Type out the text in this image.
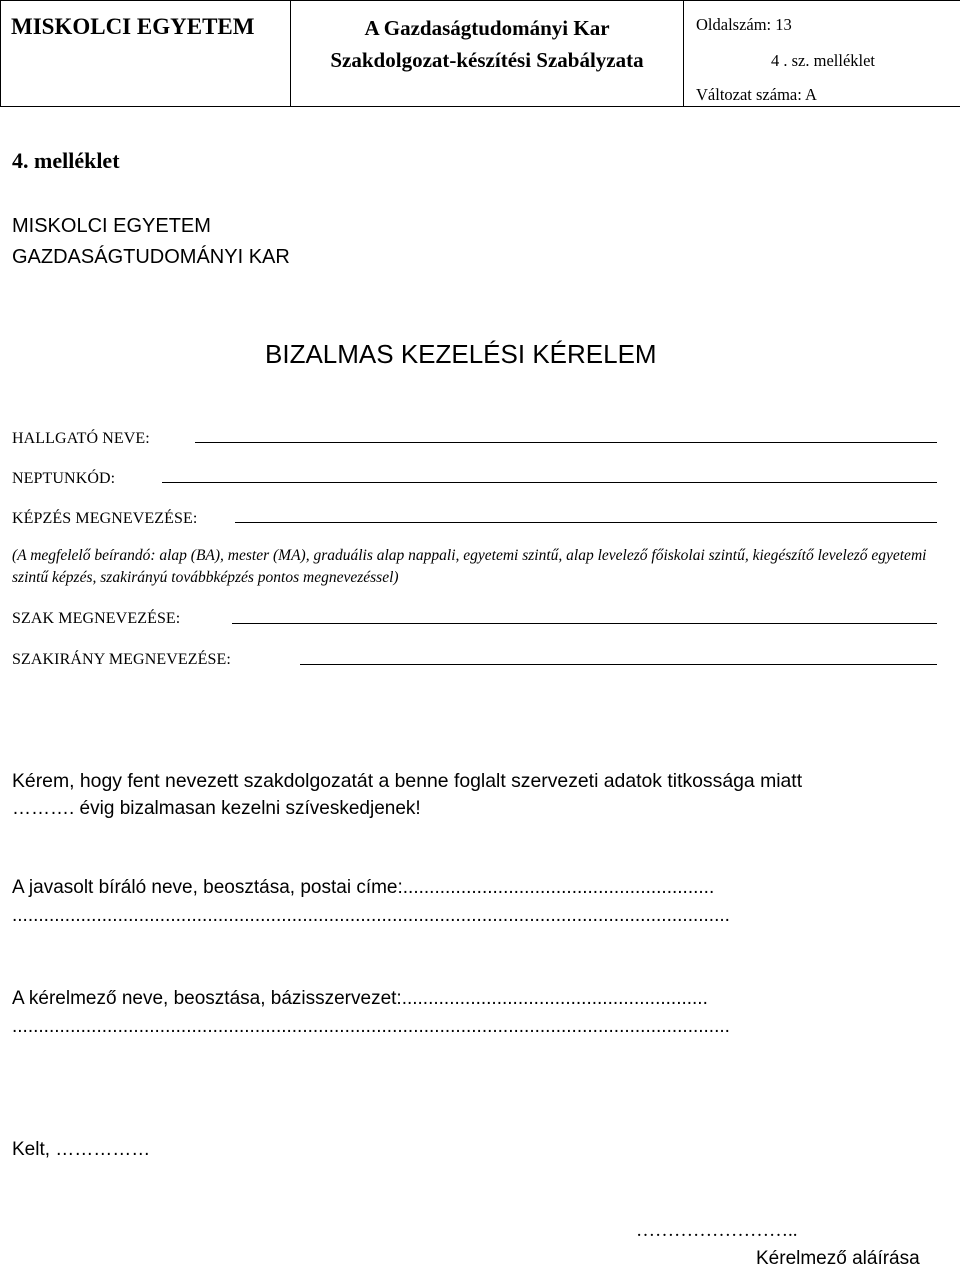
MISKOLCI EGYETEM	A Gazdaságtudományi Kar
Szakdolgozat-készítési Szabályzata

Oldalszám: 13
4 . sz. melléklet
Változat száma: A
4. melléklet
MISKOLCI EGYETEM
GAZDASÁGTUDOMÁNYI KAR
BIZALMAS KEZELÉSI KÉRELEM
HALLGATÓ NEVE:
NEPTUNKÓD:
KÉPZÉS MEGNEVEZÉSE:
(A megfelelő beírandó: alap (BA), mester (MA), graduális alap nappali, egyetemi szintű, alap levelező főiskolai szintű, kiegészítő levelező egyetemi szintű képzés, szakirányú továbbképzés pontos megnevezéssel)
SZAK MEGNEVEZÉSE:
SZAKIRÁNY MEGNEVEZÉSE:
Kérem, hogy fent nevezett szakdolgozatát a benne foglalt szervezeti adatok titkossága miatt
………. évig bizalmasan kezelni szíveskedjenek!
A javasolt bíráló neve, beosztása, postai címe:...........................................................
........................................................................................................................................
A kérelmező neve, beosztása, bázisszervezet:..........................................................
........................................................................................................................................
Kelt, ……………
……………………..
Kérelmező aláírása
